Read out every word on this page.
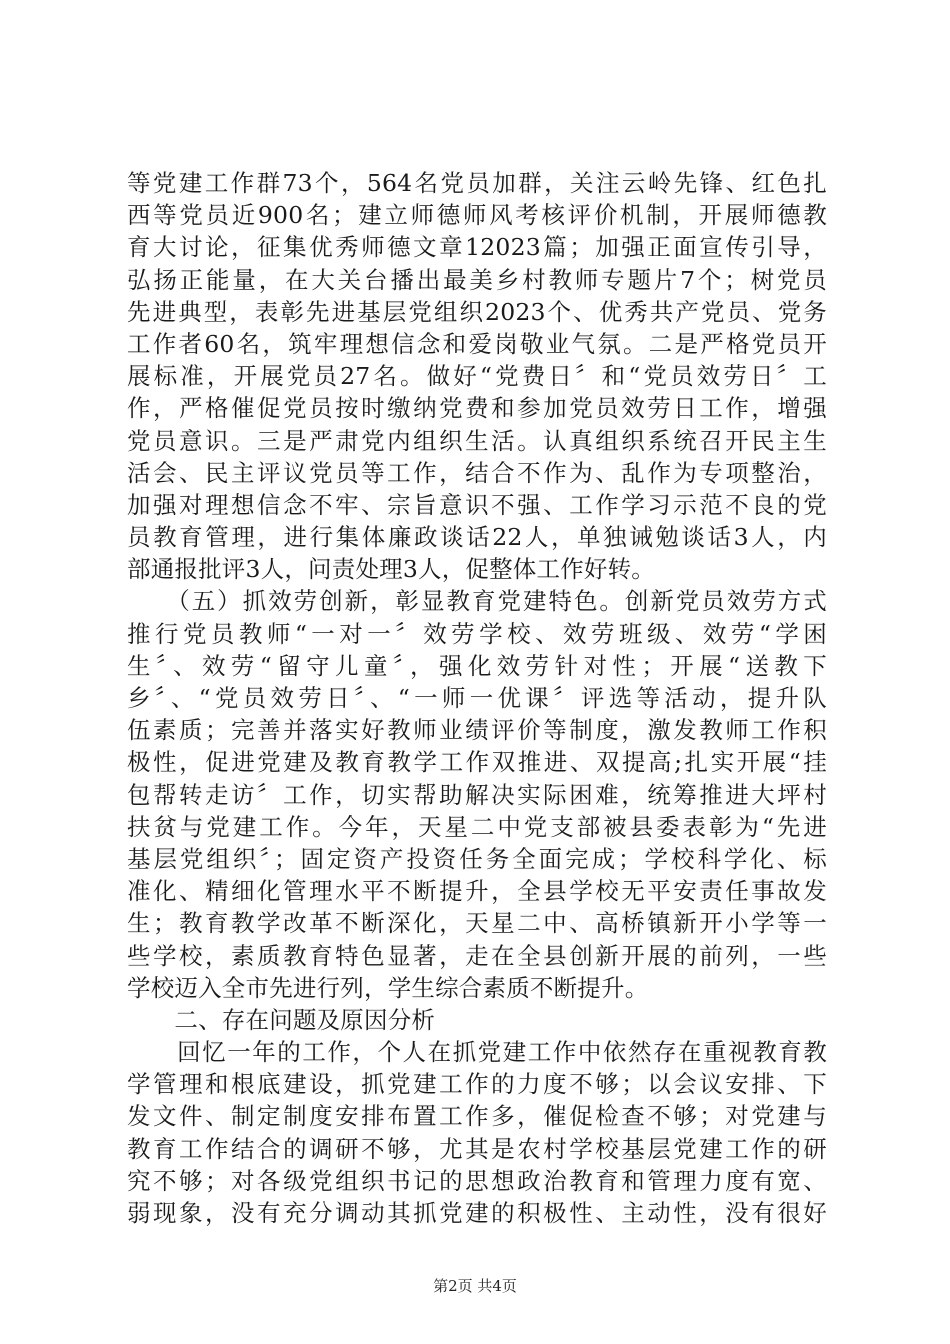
等党建工作群73个，564名党员加群，关注云岭先锋、红色扎
西等党员近900名；建立师德师风考核评价机制，开展师德教
育大讨论，征集优秀师德文章12023篇；加强正面宣传引导，
弘扬正能量，在大关台播出最美乡村教师专题片7个；树党员
先进典型，表彰先进基层党组织2023个、优秀共产党员、党务
工作者60名，筑牢理想信念和爱岗敬业气氛。二是严格党员开
展标准，开展党员27名。做好“党费日〞和“党员效劳日〞工
作，严格催促党员按时缴纳党费和参加党员效劳日工作，增强
党员意识。三是严肃党内组织生活。认真组织系统召开民主生
活会、民主评议党员等工作，结合不作为、乱作为专项整治，
加强对理想信念不牢、宗旨意识不强、工作学习示范不良的党
员教育管理，进行集体廉政谈话22人，单独诫勉谈话3人，内
部通报批评3人，问责处理3人，促整体工作好转。
　　（五）抓效劳创新，彰显教育党建特色。创新党员效劳方式
推行党员教师“一对一〞效劳学校、效劳班级、效劳“学困
生〞、效劳“留守儿童〞，强化效劳针对性；开展“送教下
乡〞、“党员效劳日〞、“一师一优课〞评选等活动，提升队
伍素质；完善并落实好教师业绩评价等制度，激发教师工作积
极性，促进党建及教育教学工作双推进、双提高;扎实开展“挂
包帮转走访〞工作，切实帮助解决实际困难，统筹推进大坪村
扶贫与党建工作。今年，天星二中党支部被县委表彰为“先进
基层党组织〞；固定资产投资任务全面完成；学校科学化、标
准化、精细化管理水平不断提升，全县学校无平安责任事故发
生；教育教学改革不断深化，天星二中、高桥镇新开小学等一
些学校，素质教育特色显著，走在全县创新开展的前列，一些
学校迈入全市先进行列，学生综合素质不断提升。
　　二、存在问题及原因分析
　　回忆一年的工作，个人在抓党建工作中依然存在重视教育教
学管理和根底建设，抓党建工作的力度不够；以会议安排、下
发文件、制定制度安排布置工作多，催促检查不够；对党建与
教育工作结合的调研不够，尤其是农村学校基层党建工作的研
究不够；对各级党组织书记的思想政治教育和管理力度有宽、
弱现象，没有充分调动其抓党建的积极性、主动性，没有很好
第2页 共4页
